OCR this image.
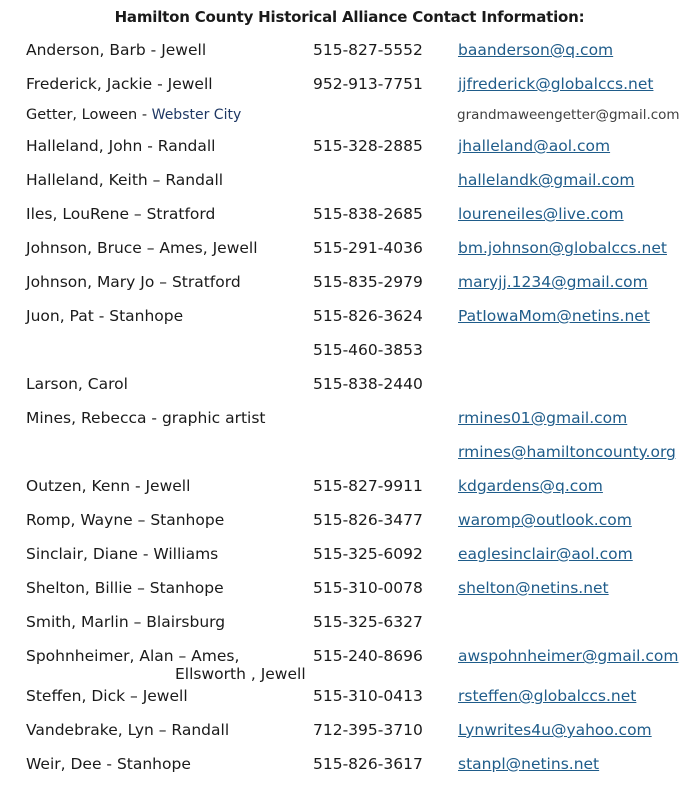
Hamilton County Historical Alliance Contact Information:
Anderson, Barb - Jewell	515-827-5552 baanderson@q.com
Frederick, Jackie - Jewell	952-913-7751 jjfrederick@globalccs.net
Getter, Loween - Webster City	grandmaweengetter@gmail.com
Halleland, John - Randall	515-328-2885 jhalleland@aol.com
Halleland, Keith – Randall	hallelandk@gmail.com
Iles, LouRene – Stratford	515-838-2685 loureneiles@live.com
Johnson, Bruce – Ames, Jewell	515-291-4036 bm.johnson@globalccs.net
Johnson, Mary Jo – Stratford	515-835-2979 maryjj.1234@gmail.com
Juon, Pat - Stanhope	515-826-3624 PatIowaMom@netins.net
515-460-3853
Larson, Carol	515-838-2440
Mines, Rebecca - graphic artist	rmines01@gmail.com
rmines@hamiltoncounty.org
Outzen, Kenn - Jewell	515-827-9911 kdgardens@q.com
Romp, Wayne – Stanhope	515-826-3477 waromp@outlook.com
Sinclair, Diane - Williams	515-325-6092 eaglesinclair@aol.com
Shelton, Billie – Stanhope	515-310-0078 shelton@netins.net
Smith, Marlin – Blairsburg	515-325-6327
Spohnheimer, Alan – Ames,
Ellsworth , Jewell
515-240-8696 awspohnheimer@gmail.com
Steffen, Dick – Jewell	515-310-0413 rsteffen@globalccs.net
Vandebrake, Lyn – Randall	712-395-3710 Lynwrites4u@yahoo.com
Weir, Dee - Stanhope	515-826-3617 stanpl@netins.net
